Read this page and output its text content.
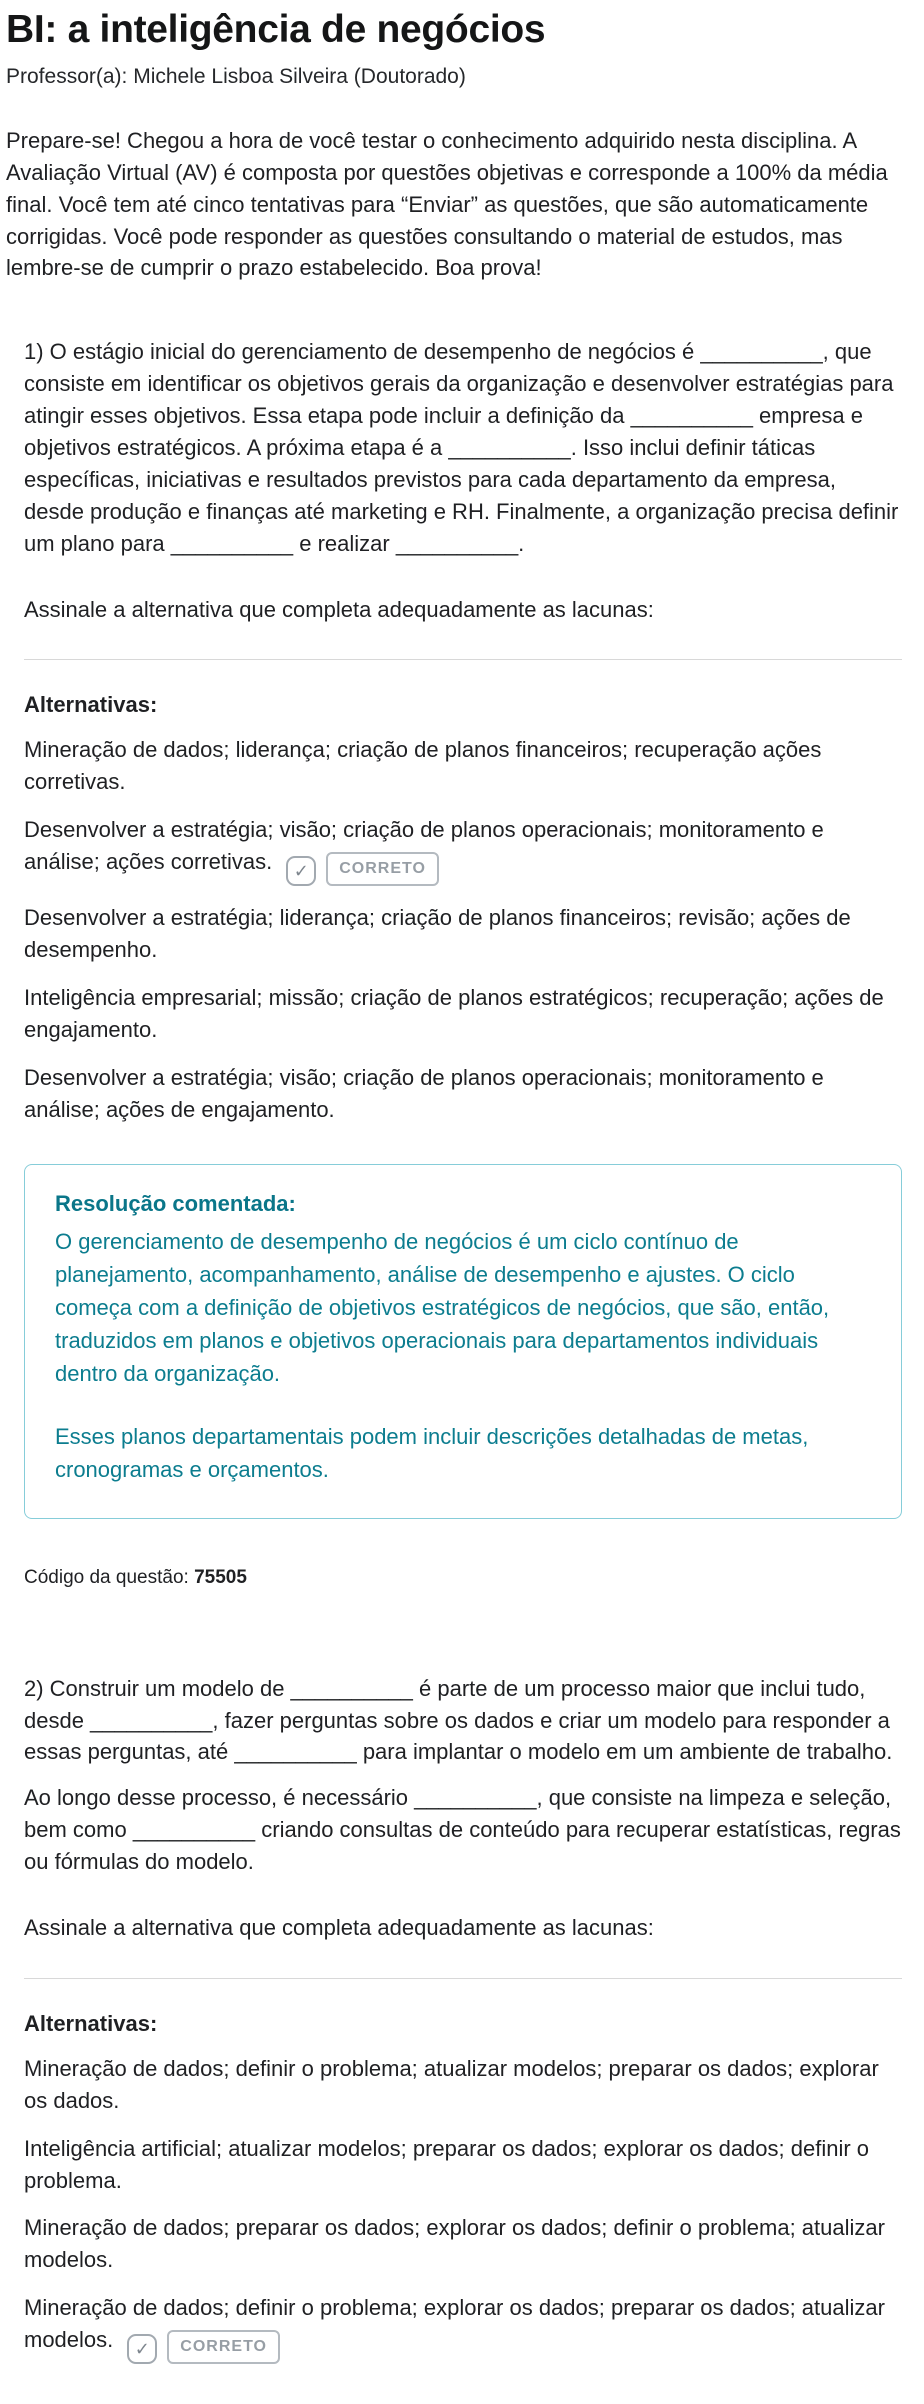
BI: a inteligência de negócios
Professor(a): Michele Lisboa Silveira (Doutorado)

Prepare-se! Chegou a hora de você testar o conhecimento adquirido nesta disciplina. A Avaliação Virtual (AV) é composta por questões objetivas e corresponde a 100% da média final. Você tem até cinco tentativas para “Enviar” as questões, que são automaticamente corrigidas. Você pode responder as questões consultando o material de estudos, mas lembre-se de cumprir o prazo estabelecido. Boa prova!

1) O estágio inicial do gerenciamento de desempenho de negócios é __________, que consiste em identificar os objetivos gerais da organização e desenvolver estratégias para atingir esses objetivos. Essa etapa pode incluir a definição da __________ empresa e objetivos estratégicos. A próxima etapa é a __________. Isso inclui definir táticas específicas, iniciativas e resultados previstos para cada departamento da empresa, desde produção e finanças até marketing e RH. Finalmente, a organização precisa definir um plano para __________ e realizar __________.

Assinale a alternativa que completa adequadamente as lacunas:

Alternativas:
Mineração de dados; liderança; criação de planos financeiros; recuperação ações corretivas.
Desenvolver a estratégia; visão; criação de planos operacionais; monitoramento e análise; ações corretivas. ✓ CORRETO
Desenvolver a estratégia; liderança; criação de planos financeiros; revisão; ações de desempenho.
Inteligência empresarial; missão; criação de planos estratégicos; recuperação; ações de engajamento.
Desenvolver a estratégia; visão; criação de planos operacionais; monitoramento e análise; ações de engajamento.
Resolução comentada:

O gerenciamento de desempenho de negócios é um ciclo contínuo de planejamento, acompanhamento, análise de desempenho e ajustes. O ciclo começa com a definição de objetivos estratégicos de negócios, que são, então, traduzidos em planos e objetivos operacionais para departamentos individuais dentro da organização.

Esses planos departamentais podem incluir descrições detalhadas de metas, cronogramas e orçamentos.

Código da questão: 75505

2) Construir um modelo de __________ é parte de um processo maior que inclui tudo, desde __________, fazer perguntas sobre os dados e criar um modelo para responder a essas perguntas, até __________ para implantar o modelo em um ambiente de trabalho.

Ao longo desse processo, é necessário __________, que consiste na limpeza e seleção, bem como __________ criando consultas de conteúdo para recuperar estatísticas, regras ou fórmulas do modelo.

Assinale a alternativa que completa adequadamente as lacunas:

Alternativas:
Mineração de dados; definir o problema; atualizar modelos; preparar os dados; explorar os dados.
Inteligência artificial; atualizar modelos; preparar os dados; explorar os dados; definir o problema.
Mineração de dados; preparar os dados; explorar os dados; definir o problema; atualizar modelos.
Mineração de dados; definir o problema; explorar os dados; preparar os dados; atualizar modelos. ✓ CORRETO
